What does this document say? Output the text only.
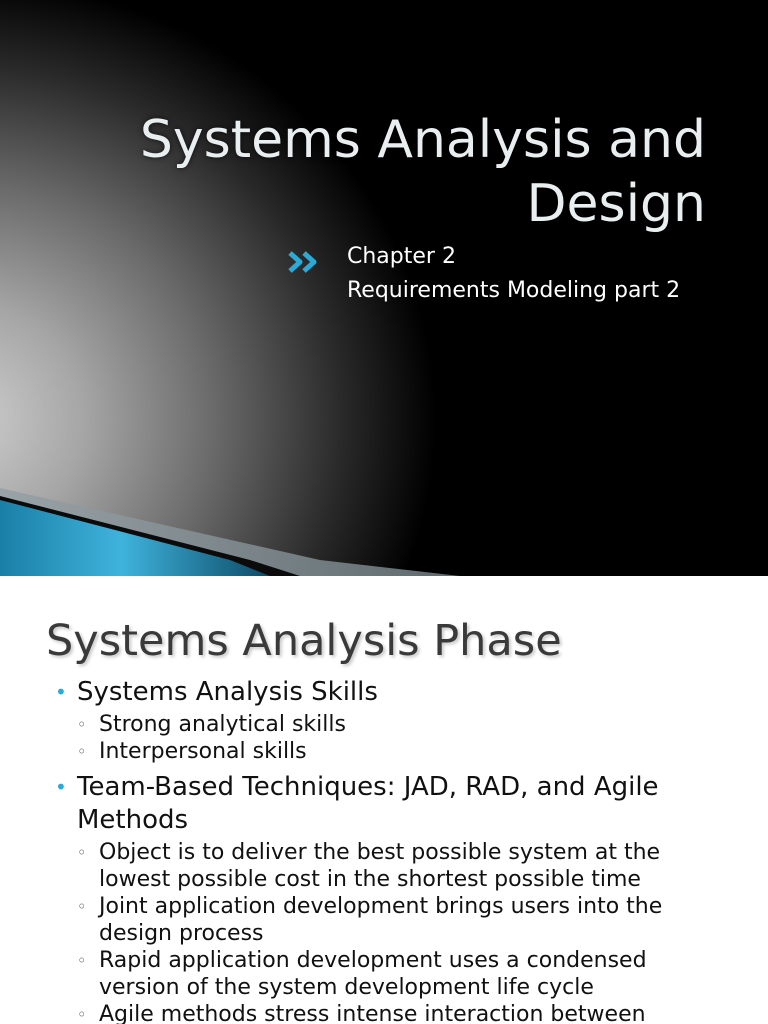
Systems Analysis and Design
Chapter 2
Requirements Modeling part 2
Systems Analysis Phase
• Systems Analysis Skills
◦ Strong analytical skills
◦ Interpersonal skills
• Team-Based Techniques: JAD, RAD, and Agile Methods
◦ Object is to deliver the best possible system at the lowest possible cost in the shortest possible time
◦ Joint application development brings users into the design process
◦ Rapid application development uses a condensed version of the system development life cycle
◦ Agile methods stress intense interaction between
